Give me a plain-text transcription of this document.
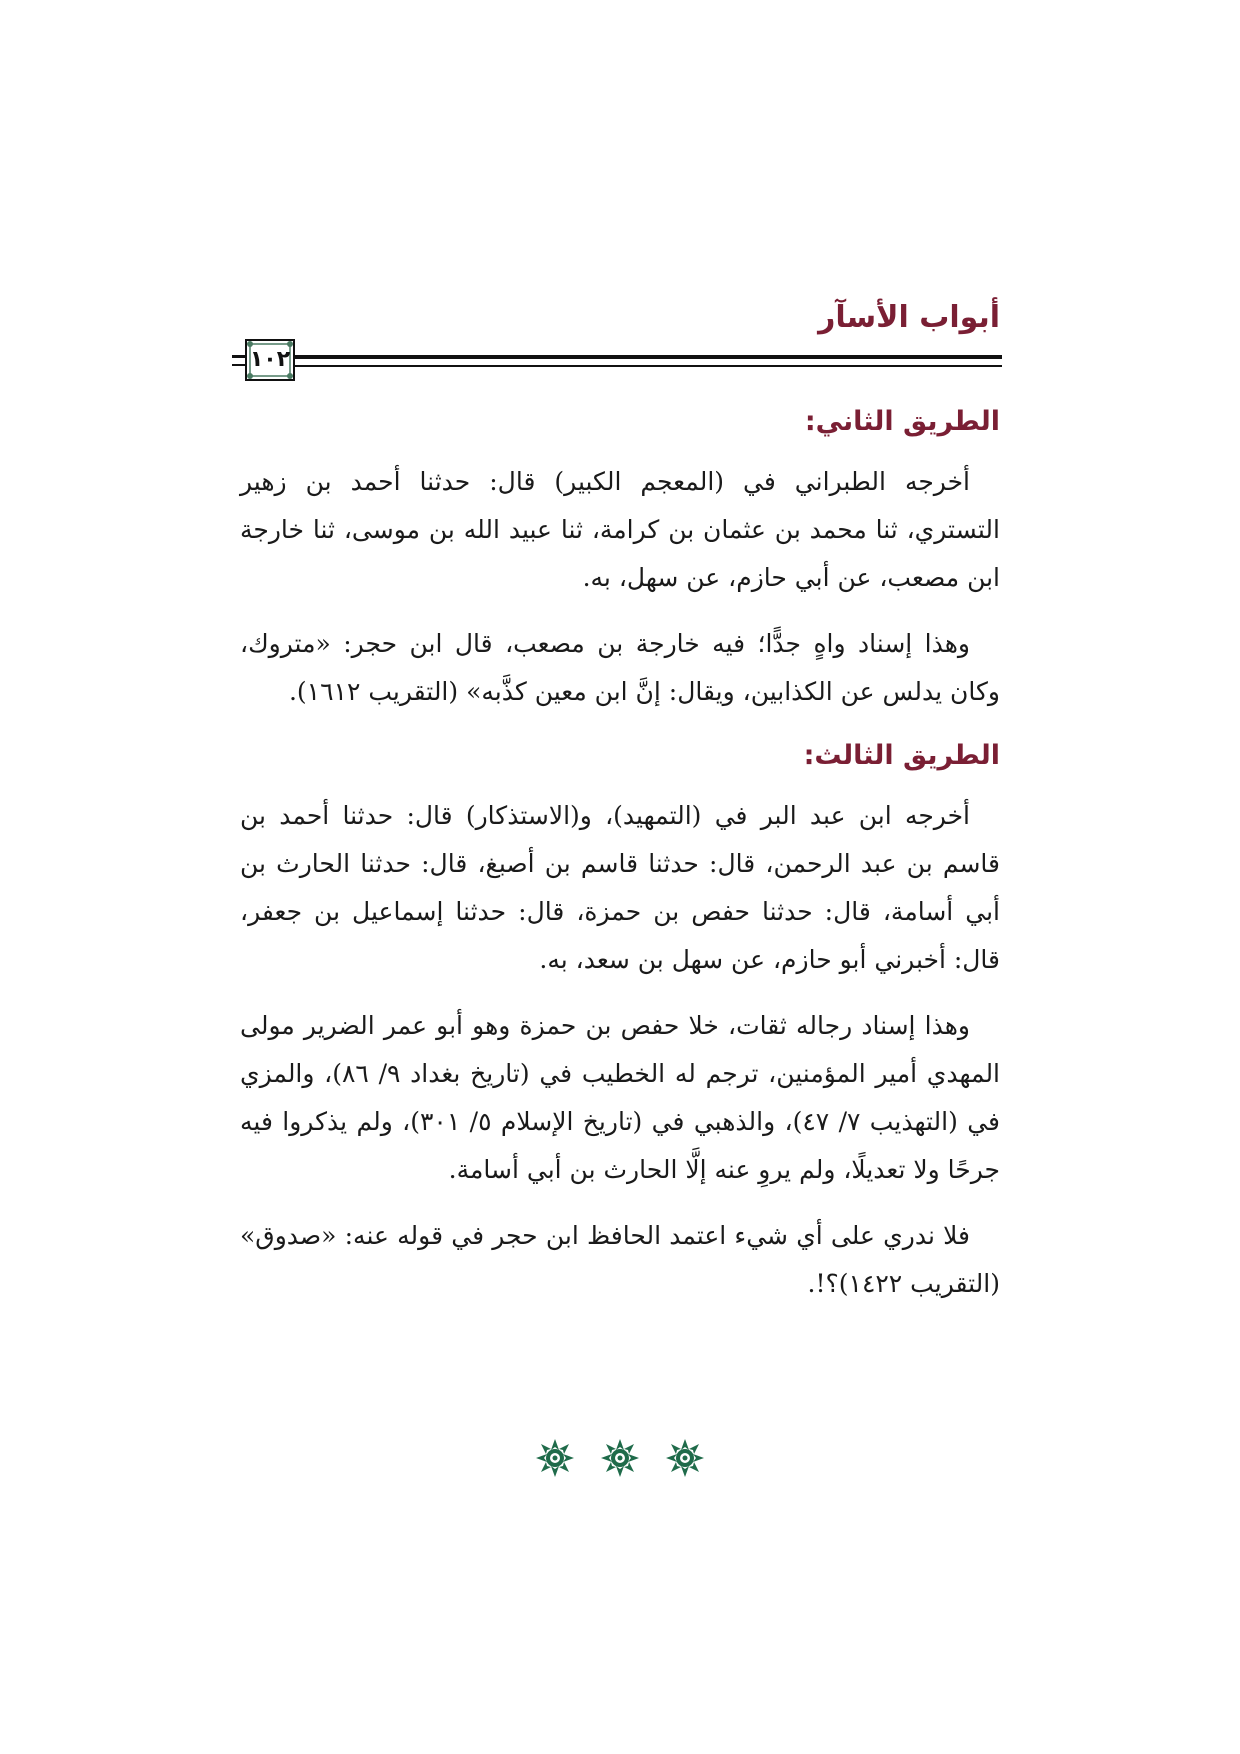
أبواب الأسآر
١٠٢
الطريق الثاني:

أخرجه الطبراني في (المعجم الكبير) قال: حدثنا أحمد بن زهير التستري، ثنا محمد بن عثمان بن كرامة، ثنا عبيد الله بن موسى، ثنا خارجة ابن مصعب، عن أبي حازم، عن سهل، به.

وهذا إسناد واهٍ جدًّا؛ فيه خارجة بن مصعب، قال ابن حجر: «متروك، وكان يدلس عن الكذابين، ويقال: إنَّ ابن معين كذَّبه» (التقريب ١٦١٢).

الطريق الثالث:

أخرجه ابن عبد البر في (التمهيد)، و(الاستذكار) قال: حدثنا أحمد بن قاسم بن عبد الرحمن، قال: حدثنا قاسم بن أصبغ، قال: حدثنا الحارث بن أبي أسامة، قال: حدثنا حفص بن حمزة، قال: حدثنا إسماعيل بن جعفر، قال: أخبرني أبو حازم، عن سهل بن سعد، به.

وهذا إسناد رجاله ثقات، خلا حفص بن حمزة وهو أبو عمر الضرير مولى المهدي أمير المؤمنين، ترجم له الخطيب في (تاريخ بغداد ٩/ ٨٦)، والمزي في (التهذيب ٧/ ٤٧)، والذهبي في (تاريخ الإسلام ٥/ ٣٠١)، ولم يذكروا فيه جرحًا ولا تعديلًا، ولم يروِ عنه إلَّا الحارث بن أبي أسامة.

فلا ندري على أي شيء اعتمد الحافظ ابن حجر في قوله عنه: «صدوق» (التقريب ١٤٢٢)؟!.
